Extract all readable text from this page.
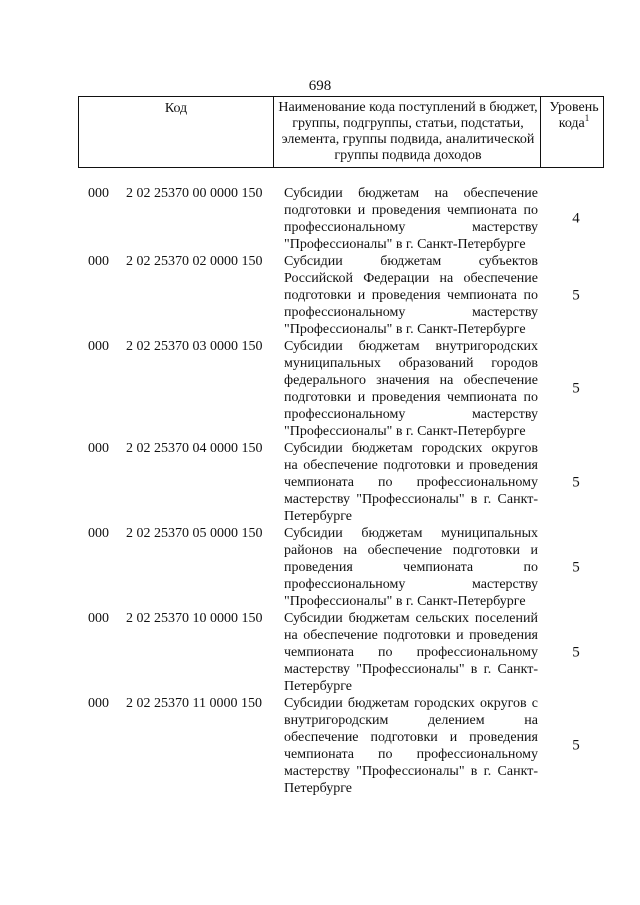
698
Код	Наименование кода поступлений в бюджет, группы, подгруппы, статьи, подстатьи, элемента, группы подвида, аналитической группы подвида доходов
Уровень кода$^1$
000 2 02 25370 00 0000 150 Субсидии бюджетам на обеспечение подготовки и проведения чемпионата по профессиональному мастерству "Профессионалы" в г. Санкт-Петербурге
4
000 2 02 25370 02 0000 150 Субсидии бюджетам субъектов Российской Федерации на обеспечение подготовки и проведения чемпионата по профессиональному мастерству "Профессионалы" в г. Санкт-Петербурге
5
000 2 02 25370 03 0000 150 Субсидии бюджетам внутригородских муниципальных образований городов федерального значения на обеспечение подготовки и проведения чемпионата по профессиональному мастерству "Профессионалы" в г. Санкт-Петербурге
5
000 2 02 25370 04 0000 150 Субсидии бюджетам городских округов на обеспечение подготовки и проведения чемпионата по профессиональному мастерству "Профессионалы" в г. Санкт-Петербурге
5
000 2 02 25370 05 0000 150 Субсидии бюджетам муниципальных районов на обеспечение подготовки и проведения чемпионата по профессиональному мастерству "Профессионалы" в г. Санкт-Петербурге
5
000 2 02 25370 10 0000 150 Субсидии бюджетам сельских поселений на обеспечение подготовки и проведения чемпионата по профессиональному мастерству "Профессионалы" в г. Санкт-Петербурге
5
000 2 02 25370 11 0000 150 Субсидии бюджетам городских округов с внутригородским делением на обеспечение подготовки и проведения чемпионата по профессиональному мастерству "Профессионалы" в г. Санкт-Петербурге
5
